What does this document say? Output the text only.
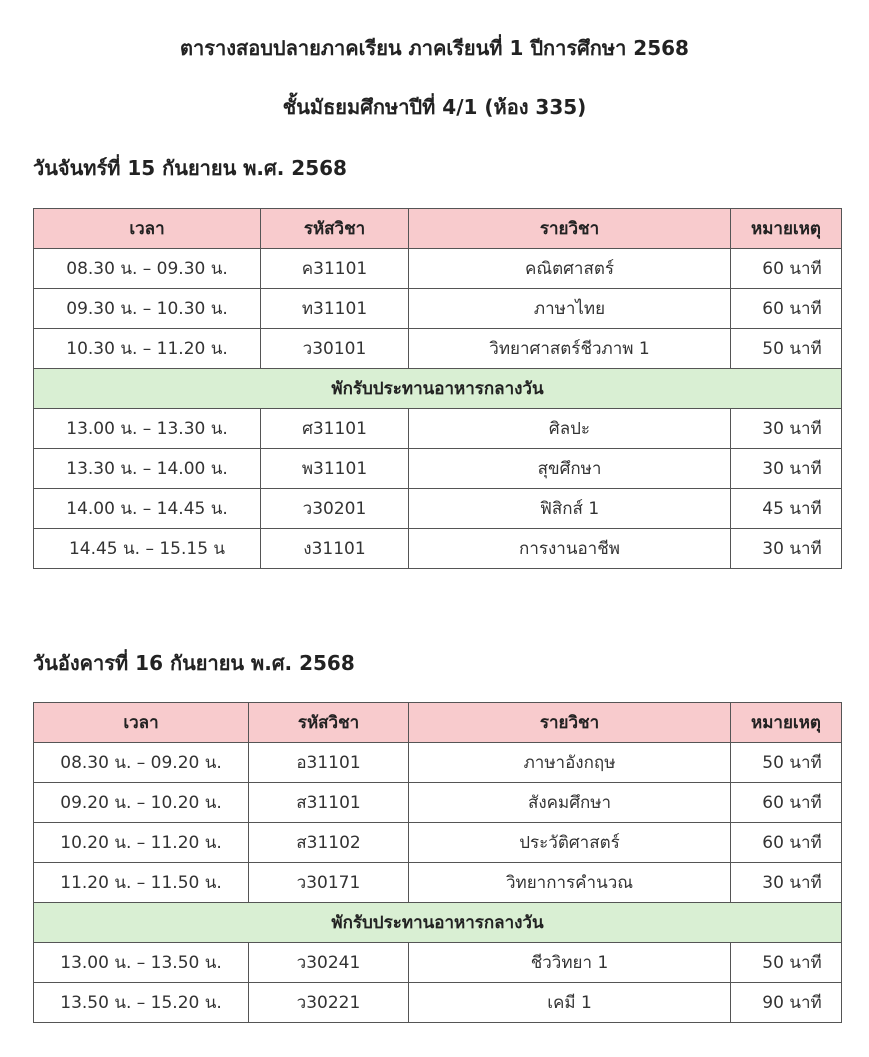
ตารางสอบปลายภาคเรียน ภาคเรียนที่ 1 ปีการศึกษา 2568
ชั้นมัธยมศึกษาปีที่ 4/1 (ห้อง 335)
วันจันทร์ที่ 15 กันยายน พ.ศ. 2568
เวลา	รหัสวิชา	รายวิชา	หมายเหตุ
08.30 น. – 09.30 น.	ค31101	คณิตศาสตร์	60 นาที
09.30 น. – 10.30 น.	ท31101	ภาษาไทย	60 นาที
10.30 น. – 11.20 น.	ว30101	วิทยาศาสตร์ชีวภาพ 1	50 นาที
พักรับประทานอาหารกลางวัน			
13.00 น. – 13.30 น.	ศ31101	ศิลปะ	30 นาที
13.30 น. – 14.00 น.	พ31101	สุขศึกษา	30 นาที
14.00 น. – 14.45 น.	ว30201	ฟิสิกส์ 1	45 นาที
14.45 น. – 15.15 น	ง31101	การงานอาชีพ	30 นาที
วันอังคารที่ 16 กันยายน พ.ศ. 2568
เวลา	รหัสวิชา	รายวิชา	หมายเหตุ
08.30 น. – 09.20 น.	อ31101	ภาษาอังกฤษ	50 นาที
09.20 น. – 10.20 น.	ส31101	สังคมศึกษา	60 นาที
10.20 น. – 11.20 น.	ส31102	ประวัติศาสตร์	60 นาที
11.20 น. – 11.50 น.	ว30171	วิทยาการคำนวณ	30 นาที
พักรับประทานอาหารกลางวัน			
13.00 น. – 13.50 น.	ว30241	ชีววิทยา 1	50 นาที
13.50 น. – 15.20 น.	ว30221	เคมี 1	90 นาที
